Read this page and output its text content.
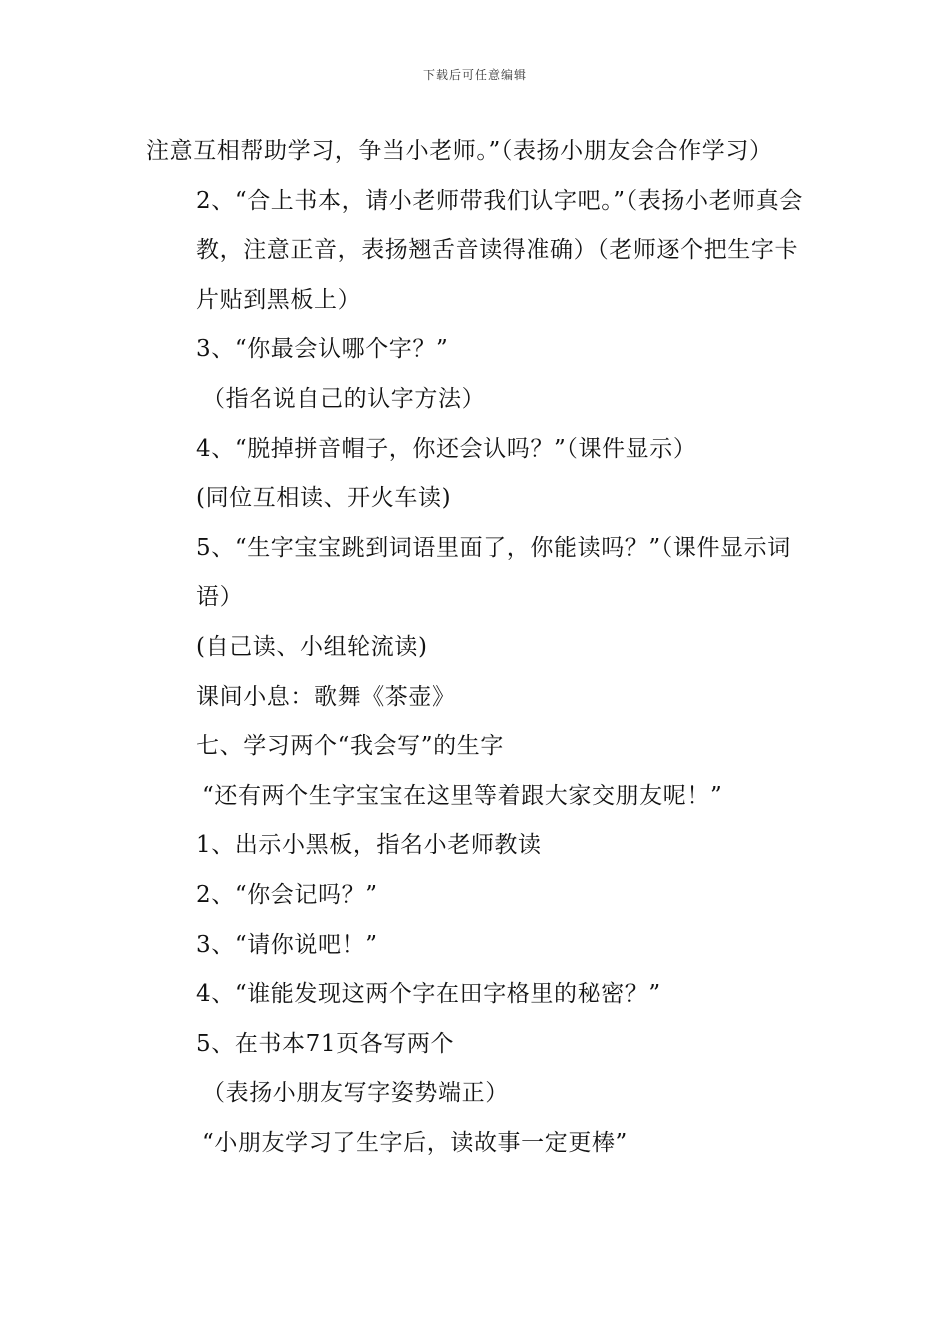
下载后可任意编辑

注意互相帮助学习，争当小老师。”（表扬小朋友会合作学习）

2、“合上书本，请小老师带我们认字吧。”（表扬小老师真会教，注意正音，表扬翘舌音读得准确）（老师逐个把生字卡片贴到黑板上）

3、“你最会认哪个字？”

（指名说自己的认字方法）

4、“脱掉拼音帽子，你还会认吗？”（课件显示）

(同位互相读、开火车读)

5、“生字宝宝跳到词语里面了，你能读吗？”（课件显示词语）

(自己读、小组轮流读)

课间小息：歌舞《茶壶》

七、学习两个“我会写”的生字

“还有两个生字宝宝在这里等着跟大家交朋友呢！”

1、出示小黑板，指名小老师教读

2、“你会记吗？”

3、“请你说吧！”

4、“谁能发现这两个字在田字格里的秘密？”

5、在书本71页各写两个

（表扬小朋友写字姿势端正）

“小朋友学习了生字后，读故事一定更棒”
